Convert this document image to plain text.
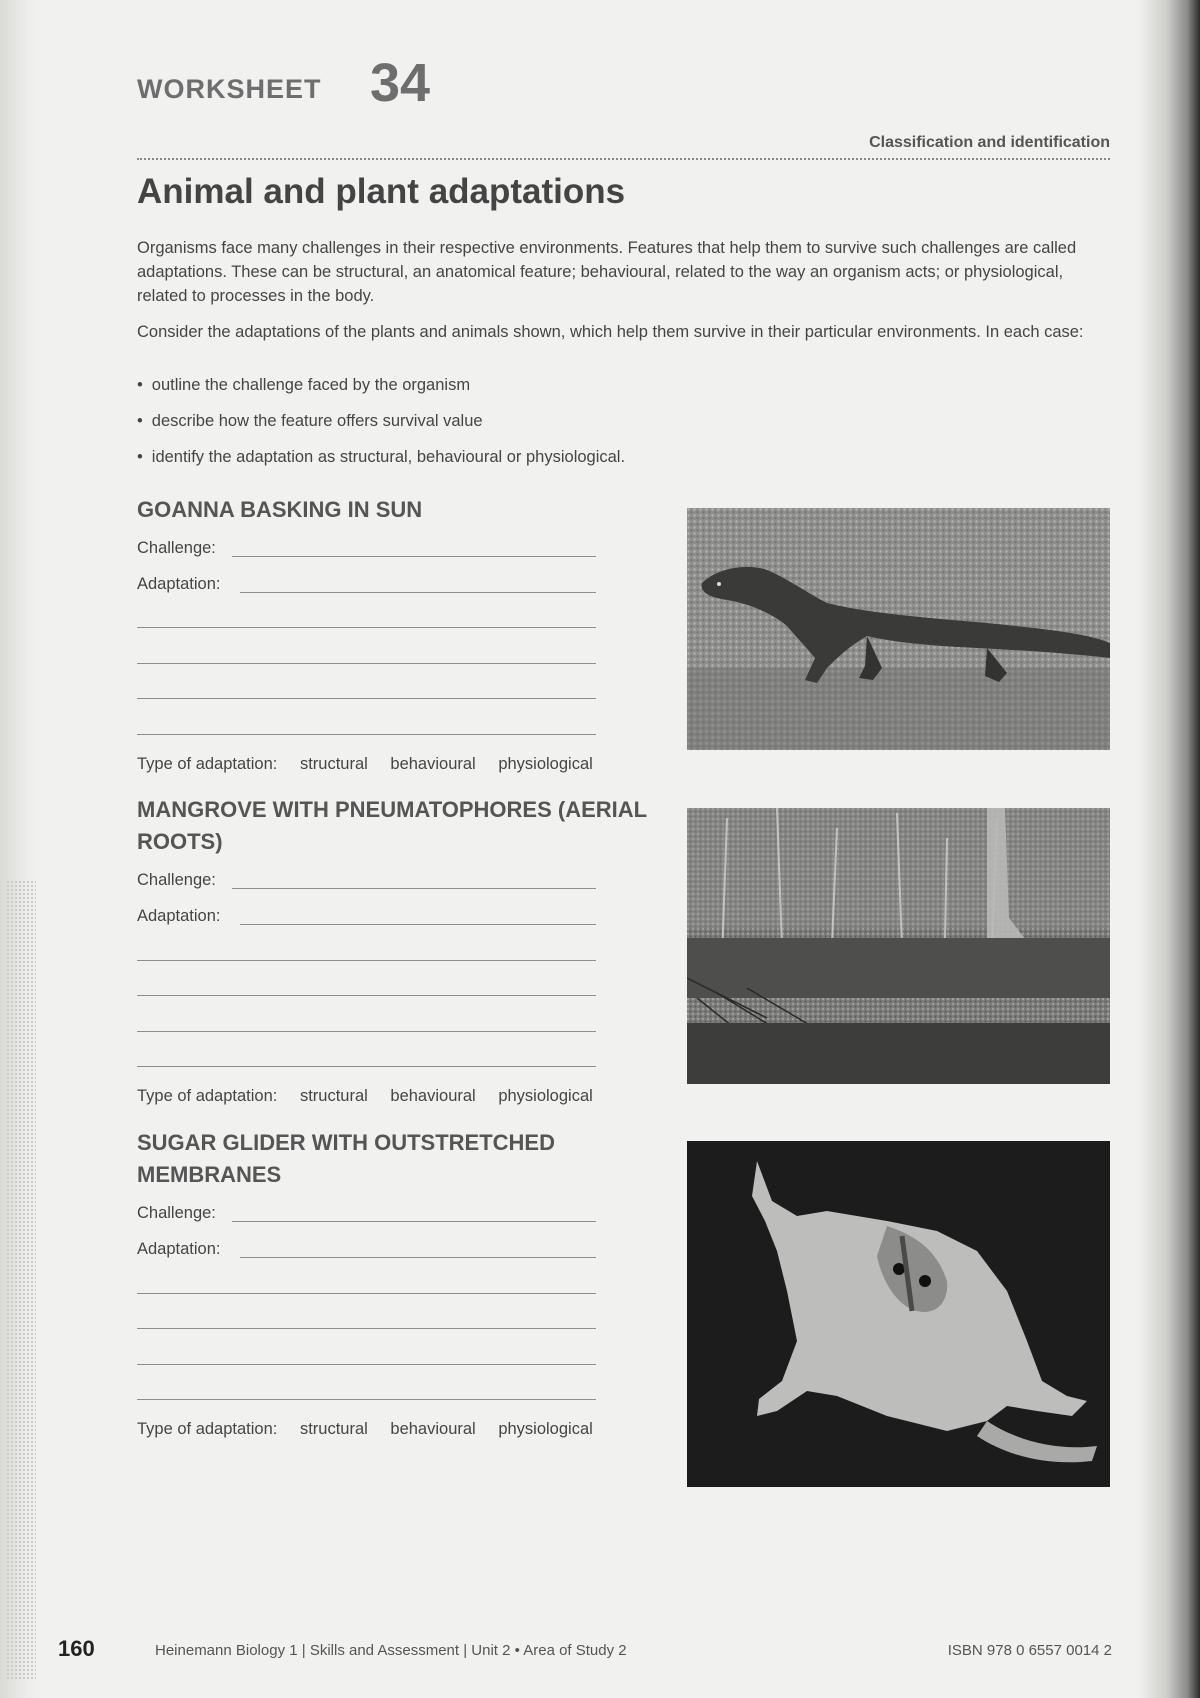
WORKSHEET 34
Classification and identification
Animal and plant adaptations

Organisms face many challenges in their respective environments. Features that help them to survive such challenges are called adaptations. These can be structural, an anatomical feature; behavioural, related to the way an organism acts; or physiological, related to processes in the body.

Consider the adaptations of the plants and animals shown, which help them survive in their particular environments. In each case:

• outline the challenge faced by the organism
• describe how the feature offers survival value
• identify the adaptation as structural, behavioural or physiological.
GOANNA BASKING IN SUN
Challenge:
Adaptation:
Type of adaptation: structural behavioural physiological
MANGROVE WITH PNEUMATOPHORES (AERIAL ROOTS)
Challenge:
Adaptation:
Type of adaptation: structural behavioural physiological
SUGAR GLIDER WITH OUTSTRETCHED MEMBRANES
Challenge:
Adaptation:
Type of adaptation: structural behavioural physiological
160	Heinemann Biology 1 | Skills and Assessment | Unit 2 • Area of Study 2	ISBN 978 0 6557 0014 2
